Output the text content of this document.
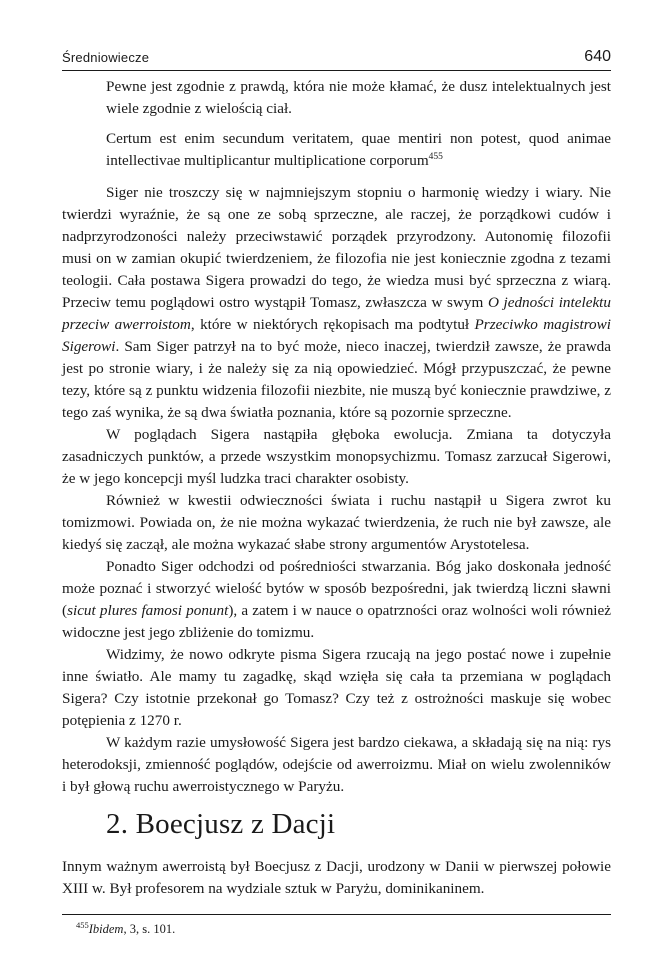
Średniowiecze	640

Pewne jest zgodnie z prawdą, która nie może kłamać, że dusz intelektualnych jest wiele zgodnie z wielością ciał.

Certum est enim secundum veritatem, quae mentiri non potest, quod animae intellectivae multiplicantur multiplicatione corporum$^{455}$

Siger nie troszczy się w najmniejszym stopniu o harmonię wiedzy i wiary. Nie twierdzi wyraźnie, że są one ze sobą sprzeczne, ale raczej, że porządkowi cudów i nadprzyrodzoności należy przeciwstawić porządek przyrodzony. Autonomię filozofii musi on w zamian okupić twierdzeniem, że filozofia nie jest koniecznie zgodna z tezami teologii. Cała postawa Sigera prowadzi do tego, że wiedza musi być sprzeczna z wiarą. Przeciw temu poglądowi ostro wystąpił Tomasz, zwłaszcza w swym O jedności intelektu przeciw awerroistom, które w niektórych rękopisach ma podtytuł Przeciwko magistrowi Sigerowi. Sam Siger patrzył na to być może, nieco inaczej, twierdził zawsze, że prawda jest po stronie wiary, i że należy się za nią opowiedzieć. Mógł przypuszczać, że pewne tezy, które są z punktu widzenia filozofii niezbite, nie muszą być koniecznie prawdziwe, z tego zaś wynika, że są dwa światła poznania, które są pozornie sprzeczne.

W poglądach Sigera nastąpiła głęboka ewolucja. Zmiana ta dotyczyła zasadniczych punktów, a przede wszystkim monopsychizmu. Tomasz zarzucał Sigerowi, że w jego koncepcji myśl ludzka traci charakter osobisty.

Również w kwestii odwieczności świata i ruchu nastąpił u Sigera zwrot ku tomizmowi. Powiada on, że nie można wykazać twierdzenia, że ruch nie był zawsze, ale kiedyś się zaczął, ale można wykazać słabe strony argumentów Arystotelesa.

Ponadto Siger odchodzi od pośredniości stwarzania. Bóg jako doskonała jedność może poznać i stworzyć wielość bytów w sposób bezpośredni, jak twierdzą liczni sławni (sicut plures famosi ponunt), a zatem i w nauce o opatrzności oraz wolności woli również widoczne jest jego zbliżenie do tomizmu.

Widzimy, że nowo odkryte pisma Sigera rzucają na jego postać nowe i zupełnie inne światło. Ale mamy tu zagadkę, skąd wzięła się cała ta przemiana w poglądach Sigera? Czy istotnie przekonał go Tomasz? Czy też z ostrożności maskuje się wobec potępienia z 1270 r.

W każdym razie umysłowość Sigera jest bardzo ciekawa, a składają się na nią: rys heterodoksji, zmienność poglądów, odejście od awerroizmu. Miał on wielu zwolenników i był głową ruchu awerroistycznego w Paryżu.

2. Boecjusz z Dacji

Innym ważnym awerroistą był Boecjusz z Dacji, urodzony w Danii w pierwszej połowie XIII w. Był profesorem na wydziale sztuk w Paryżu, dominikaninem.

$^{455}$Ibidem, 3, s. 101.
